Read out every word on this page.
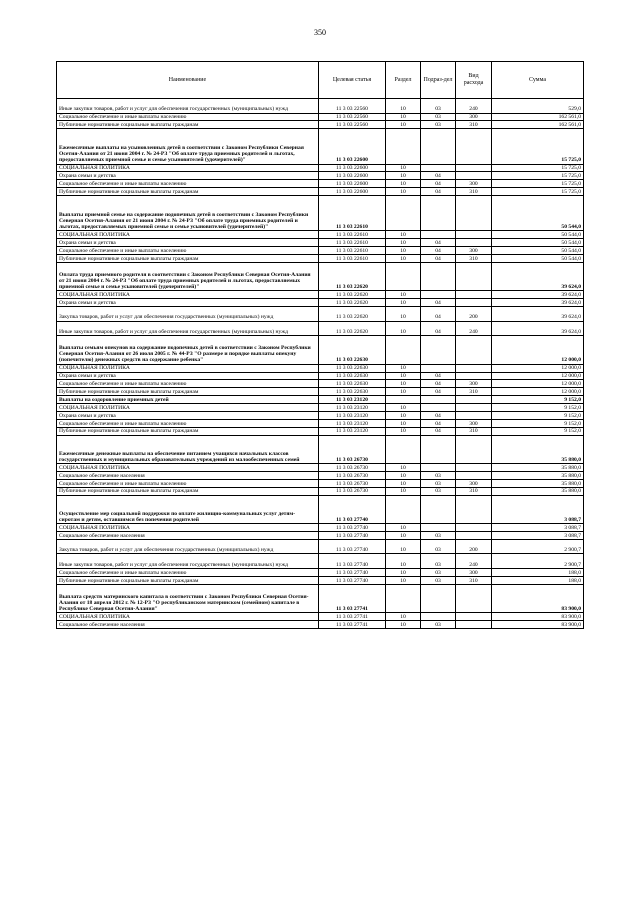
350
Наименование	Целевая статья	Раздел	Подраз-дел	Вид расхода	Сумма
Иные закупки товаров, работ и услуг для обеспечения государственных (муниципальных) нужд	11 3 03 22560	10	03	240	529,0
Социальное обеспечение и иные выплаты населению	11 3 03 22560	10	03	300	162 561,0
Публичные нормативные социальные выплаты гражданам	11 3 03 22560	10	03	310	162 561,0
Ежемесячные выплаты на усыновленных детей в соответствии с Законом Республики Северная Осетия-Алания от 21 июня 2004 г. № 24-РЗ "Об оплате труда приемных родителей и льготах, предоставляемых приемной семье и семье усыновителей (удочерителей)"	11 3 03 22600				15 725,0
СОЦИАЛЬНАЯ ПОЛИТИКА	11 3 03 22600	10			15 725,0
Охрана семьи и детства	11 3 03 22600	10	04		15 725,0
Социальное обеспечение и иные выплаты населению	11 3 03 22600	10	04	300	15 725,0
Публичные нормативные социальные выплаты гражданам	11 3 03 22600	10	04	310	15 725,0
Выплаты приемной семье на содержание подопечных детей в соответствии с Законом Республики Северная Осетия-Алания от 21 июня 2004 г. № 24-РЗ "Об оплате труда приемных родителей и льготах, предоставляемых приемной семье и семье усыновителей (удочерителей)"	11 3 03 22610				50 544,0
СОЦИАЛЬНАЯ ПОЛИТИКА	11 3 03 22610	10			50 544,0
Охрана семьи и детства	11 3 03 22610	10	04		50 544,0
Социальное обеспечение и иные выплаты населению	11 3 03 22610	10	04	300	50 544,0
Публичные нормативные социальные выплаты гражданам	11 3 03 22610	10	04	310	50 544,0
Оплата труда приемного родителя в соответствии с Законом Республики Северная Осетия-Алания от 21 июня 2004 г. № 24-РЗ "Об оплате труда приемных родителей и льготах, предоставляемых приемной семье и семье усыновителей (удочерителей)"	11 3 03 22620				39 624,0
СОЦИАЛЬНАЯ ПОЛИТИКА	11 3 03 22620	10			39 624,0
Охрана семьи и детства	11 3 03 22620	10	04		39 624,0
Закупка товаров, работ и услуг для обеспечения государственных (муниципальных) нужд	11 3 03 22620	10	04	200	39 624,0
Иные закупки товаров, работ и услуг для обеспечения государственных (муниципальных) нужд	11 3 03 22620	10	04	240	39 624,0
Выплаты семьям опекунов на содержание подопечных детей в соответствии с Законом Республики Северная Осетия-Алания от 26 июля 2005 г. № 44-РЗ "О размере и порядке выплаты опекуну (попечителю) денежных средств на содержание ребенка"	11 3 03 22630				12 000,0
СОЦИАЛЬНАЯ ПОЛИТИКА	11 3 03 22630	10			12 000,0
Охрана семьи и детства	11 3 03 22630	10	04		12 000,0
Социальное обеспечение и иные выплаты населению	11 3 03 22630	10	04	300	12 000,0
Публичные нормативные социальные выплаты гражданам	11 3 03 22630	10	04	310	12 000,0
Выплаты на оздоровление приемных детей	11 3 03 23120				9 152,0
СОЦИАЛЬНАЯ ПОЛИТИКА	11 3 03 23120	10			9 152,0
Охрана семьи и детства	11 3 03 23120	10	04		9 152,0
Социальное обеспечение и иные выплаты населению	11 3 03 23120	10	04	300	9 152,0
Публичные нормативные социальные выплаты гражданам	11 3 03 23120	10	04	310	9 152,0
Ежемесячные денежные выплаты на обеспечение питанием учащихся начальных классов государственных и муниципальных образовательных учреждений из малообеспеченных семей	11 3 03 26730				35 880,0
СОЦИАЛЬНАЯ ПОЛИТИКА	11 3 03 26730	10			35 880,0
Социальное обеспечение населения	11 3 03 26730	10	03		35 880,0
Социальное обеспечение и иные выплаты населению	11 3 03 26730	10	03	300	35 880,0
Публичные нормативные социальные выплаты гражданам	11 3 03 26730	10	03	310	35 880,0
Осуществление мер социальной поддержки по оплате жилищно-коммунальных услуг детям-сиротам и детям, оставшимся без попечения родителей	11 3 03 27740				3 088,7
СОЦИАЛЬНАЯ ПОЛИТИКА	11 3 03 27740	10			3 088,7
Социальное обеспечение населения	11 3 03 27740	10	03		3 088,7
Закупка товаров, работ и услуг для обеспечения государственных (муниципальных) нужд	11 3 03 27740	10	03	200	2 900,7
Иные закупки товаров, работ и услуг для обеспечения государственных (муниципальных) нужд	11 3 03 27740	10	03	240	2 900,7
Социальное обеспечение и иные выплаты населению	11 3 03 27740	10	03	300	188,0
Публичные нормативные социальные выплаты гражданам	11 3 03 27740	10	03	310	188,0
Выплата средств материнского капитала в соответствии с Законом Республики Северная Осетия-Алания от 18 апреля 2012 г. № 12-РЗ "О республиканском материнском (семейном) капитале в Республике Северная Осетия-Алания"	11 3 03 27741				83 900,0
СОЦИАЛЬНАЯ ПОЛИТИКА	11 3 03 27741	10			83 900,0
Социальное обеспечение населения	11 3 03 27741	10	03		83 900,0
